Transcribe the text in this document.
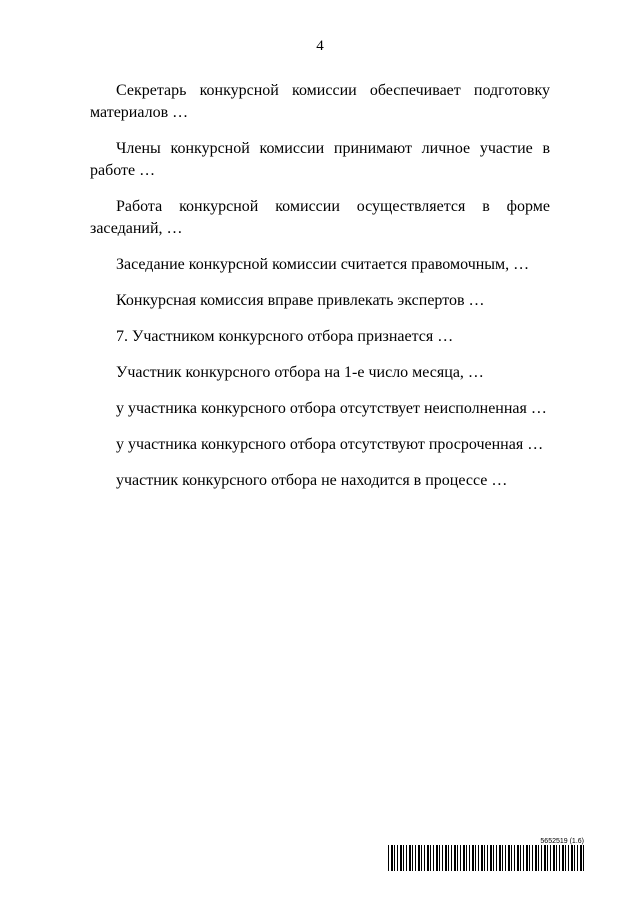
4

Секретарь конкурсной комиссии обеспечивает подготовку материалов …

Члены конкурсной комиссии принимают личное участие в работе …

Работа конкурсной комиссии осуществляется в форме заседаний, …

Заседание конкурсной комиссии считается правомочным, …

Конкурсная комиссия вправе привлекать экспертов …

7. Участником конкурсного отбора признается …

Участник конкурсного отбора на 1-е число месяца, …

у участника конкурсного отбора отсутствует неисполненная …

у участника конкурсного отбора отсутствуют просроченная …

участник конкурсного отбора не находится в процессе …

5652519 (1.6)
